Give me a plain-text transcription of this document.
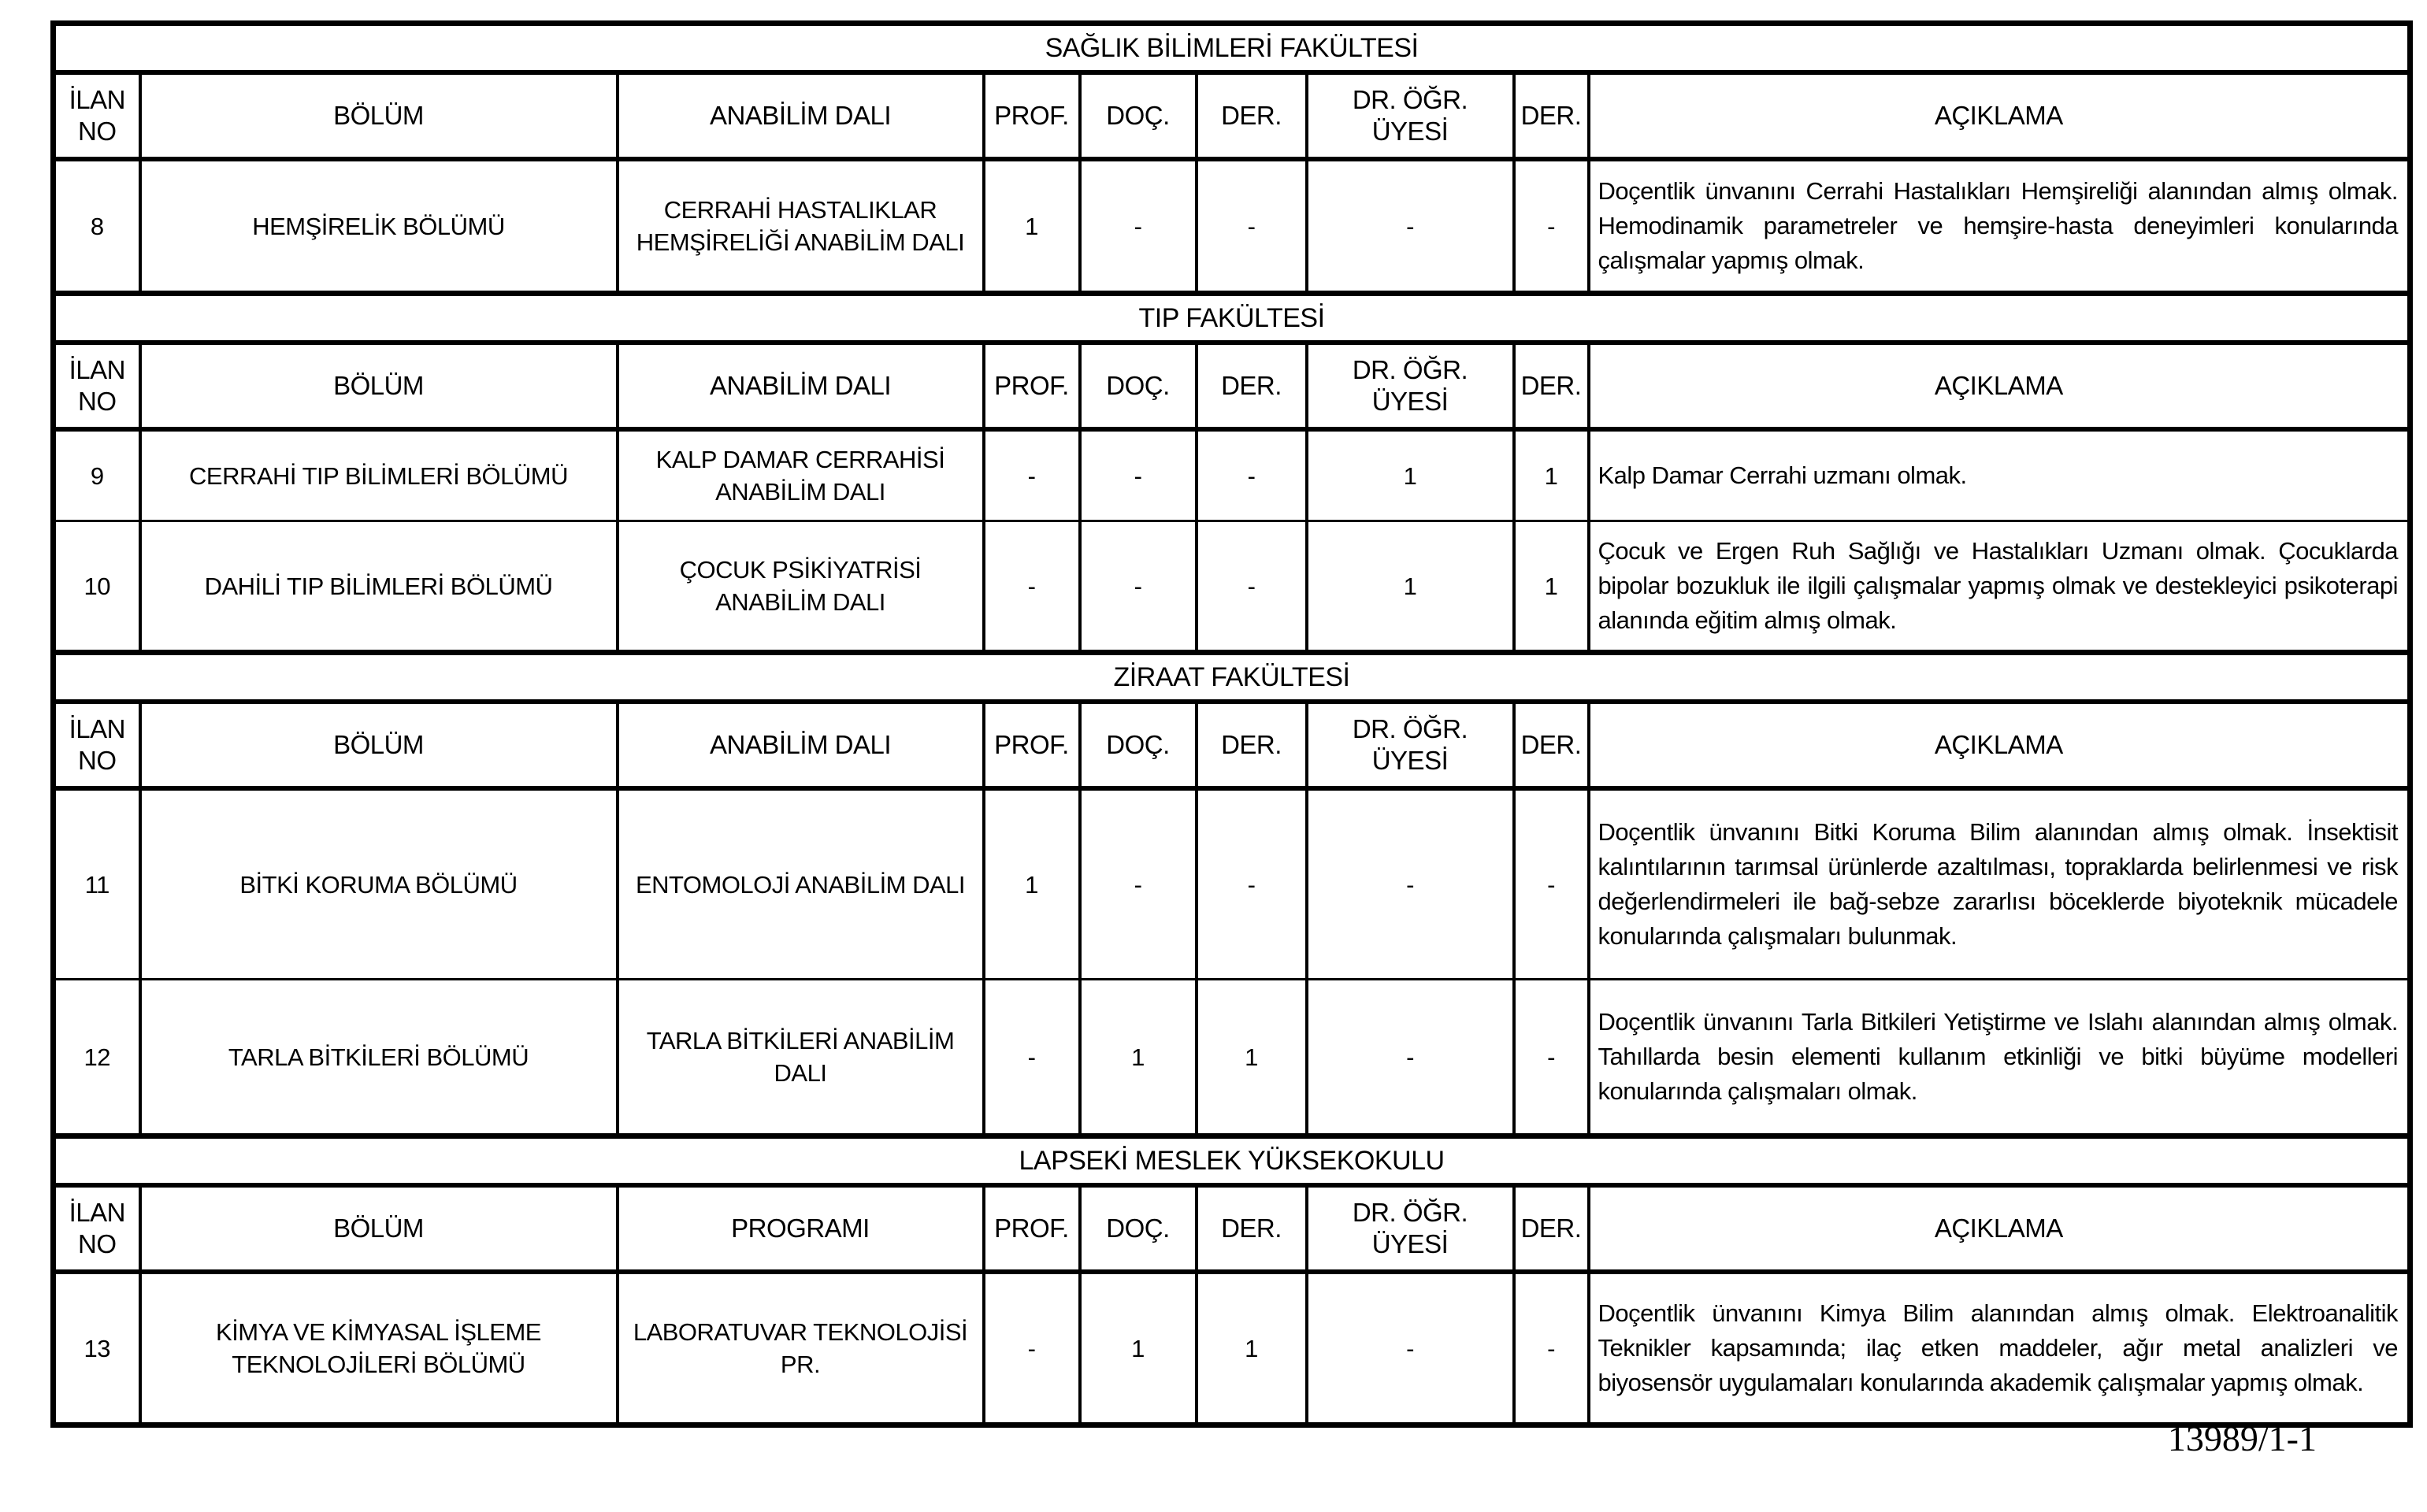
SAĞLIK BİLİMLERİ FAKÜLTESİ								
İLAN NO	BÖLÜM	ANABİLİM DALI	PROF.	DOÇ.	DER.	DR. ÖĞR. ÜYESİ	DER.	AÇIKLAMA
8	HEMŞİRELİK BÖLÜMÜ	CERRAHİ HASTALIKLAR HEMŞİRELİĞİ ANABİLİM DALI	1	-	-	-	-	Doçentlik ünvanını Cerrahi Hastalıkları Hemşireliği alanından almış olmak. Hemodinamik parametreler ve hemşire-hasta deneyimleri konularında çalışmalar yapmış olmak.
TIP FAKÜLTESİ								
İLAN NO	BÖLÜM	ANABİLİM DALI	PROF.	DOÇ.	DER.	DR. ÖĞR. ÜYESİ	DER.	AÇIKLAMA
9	CERRAHİ TIP BİLİMLERİ BÖLÜMÜ	KALP DAMAR CERRAHİSİ ANABİLİM DALI	-	-	-	1	1	Kalp Damar Cerrahi uzmanı olmak.
10	DAHİLİ TIP BİLİMLERİ BÖLÜMÜ	ÇOCUK PSİKİYATRİSİ ANABİLİM DALI	-	-	-	1	1	Çocuk ve Ergen Ruh Sağlığı ve Hastalıkları Uzmanı olmak. Çocuklarda bipolar bozukluk ile ilgili çalışmalar yapmış olmak ve destekleyici psikoterapi alanında eğitim almış olmak.
ZİRAAT FAKÜLTESİ								
İLAN NO	BÖLÜM	ANABİLİM DALI	PROF.	DOÇ.	DER.	DR. ÖĞR. ÜYESİ	DER.	AÇIKLAMA
11	BİTKİ KORUMA BÖLÜMÜ	ENTOMOLOJİ ANABİLİM DALI	1	-	-	-	-	Doçentlik ünvanını Bitki Koruma Bilim alanından almış olmak. İnsektisit kalıntılarının tarımsal ürünlerde azaltılması, topraklarda belirlenmesi ve risk değerlendirmeleri ile bağ-sebze zararlısı böceklerde biyoteknik mücadele konularında çalışmaları bulunmak.
12	TARLA BİTKİLERİ BÖLÜMÜ	TARLA BİTKİLERİ ANABİLİM DALI	-	1	1	-	-	Doçentlik ünvanını Tarla Bitkileri Yetiştirme ve Islahı alanından almış olmak. Tahıllarda besin elementi kullanım etkinliği ve bitki büyüme modelleri konularında çalışmaları olmak.
LAPSEKİ MESLEK YÜKSEKOKULU								
İLAN NO	BÖLÜM	PROGRAMI	PROF.	DOÇ.	DER.	DR. ÖĞR. ÜYESİ	DER.	AÇIKLAMA
13	KİMYA VE KİMYASAL İŞLEME TEKNOLOJİLERİ BÖLÜMÜ	LABORATUVAR TEKNOLOJİSİ PR.	-	1	1	-	-	Doçentlik ünvanını Kimya Bilim alanından almış olmak. Elektroanalitik Teknikler kapsamında; ilaç etken maddeler, ağır metal analizleri ve biyosensör uygulamaları konularında akademik çalışmalar yapmış olmak.
13989/1-1
